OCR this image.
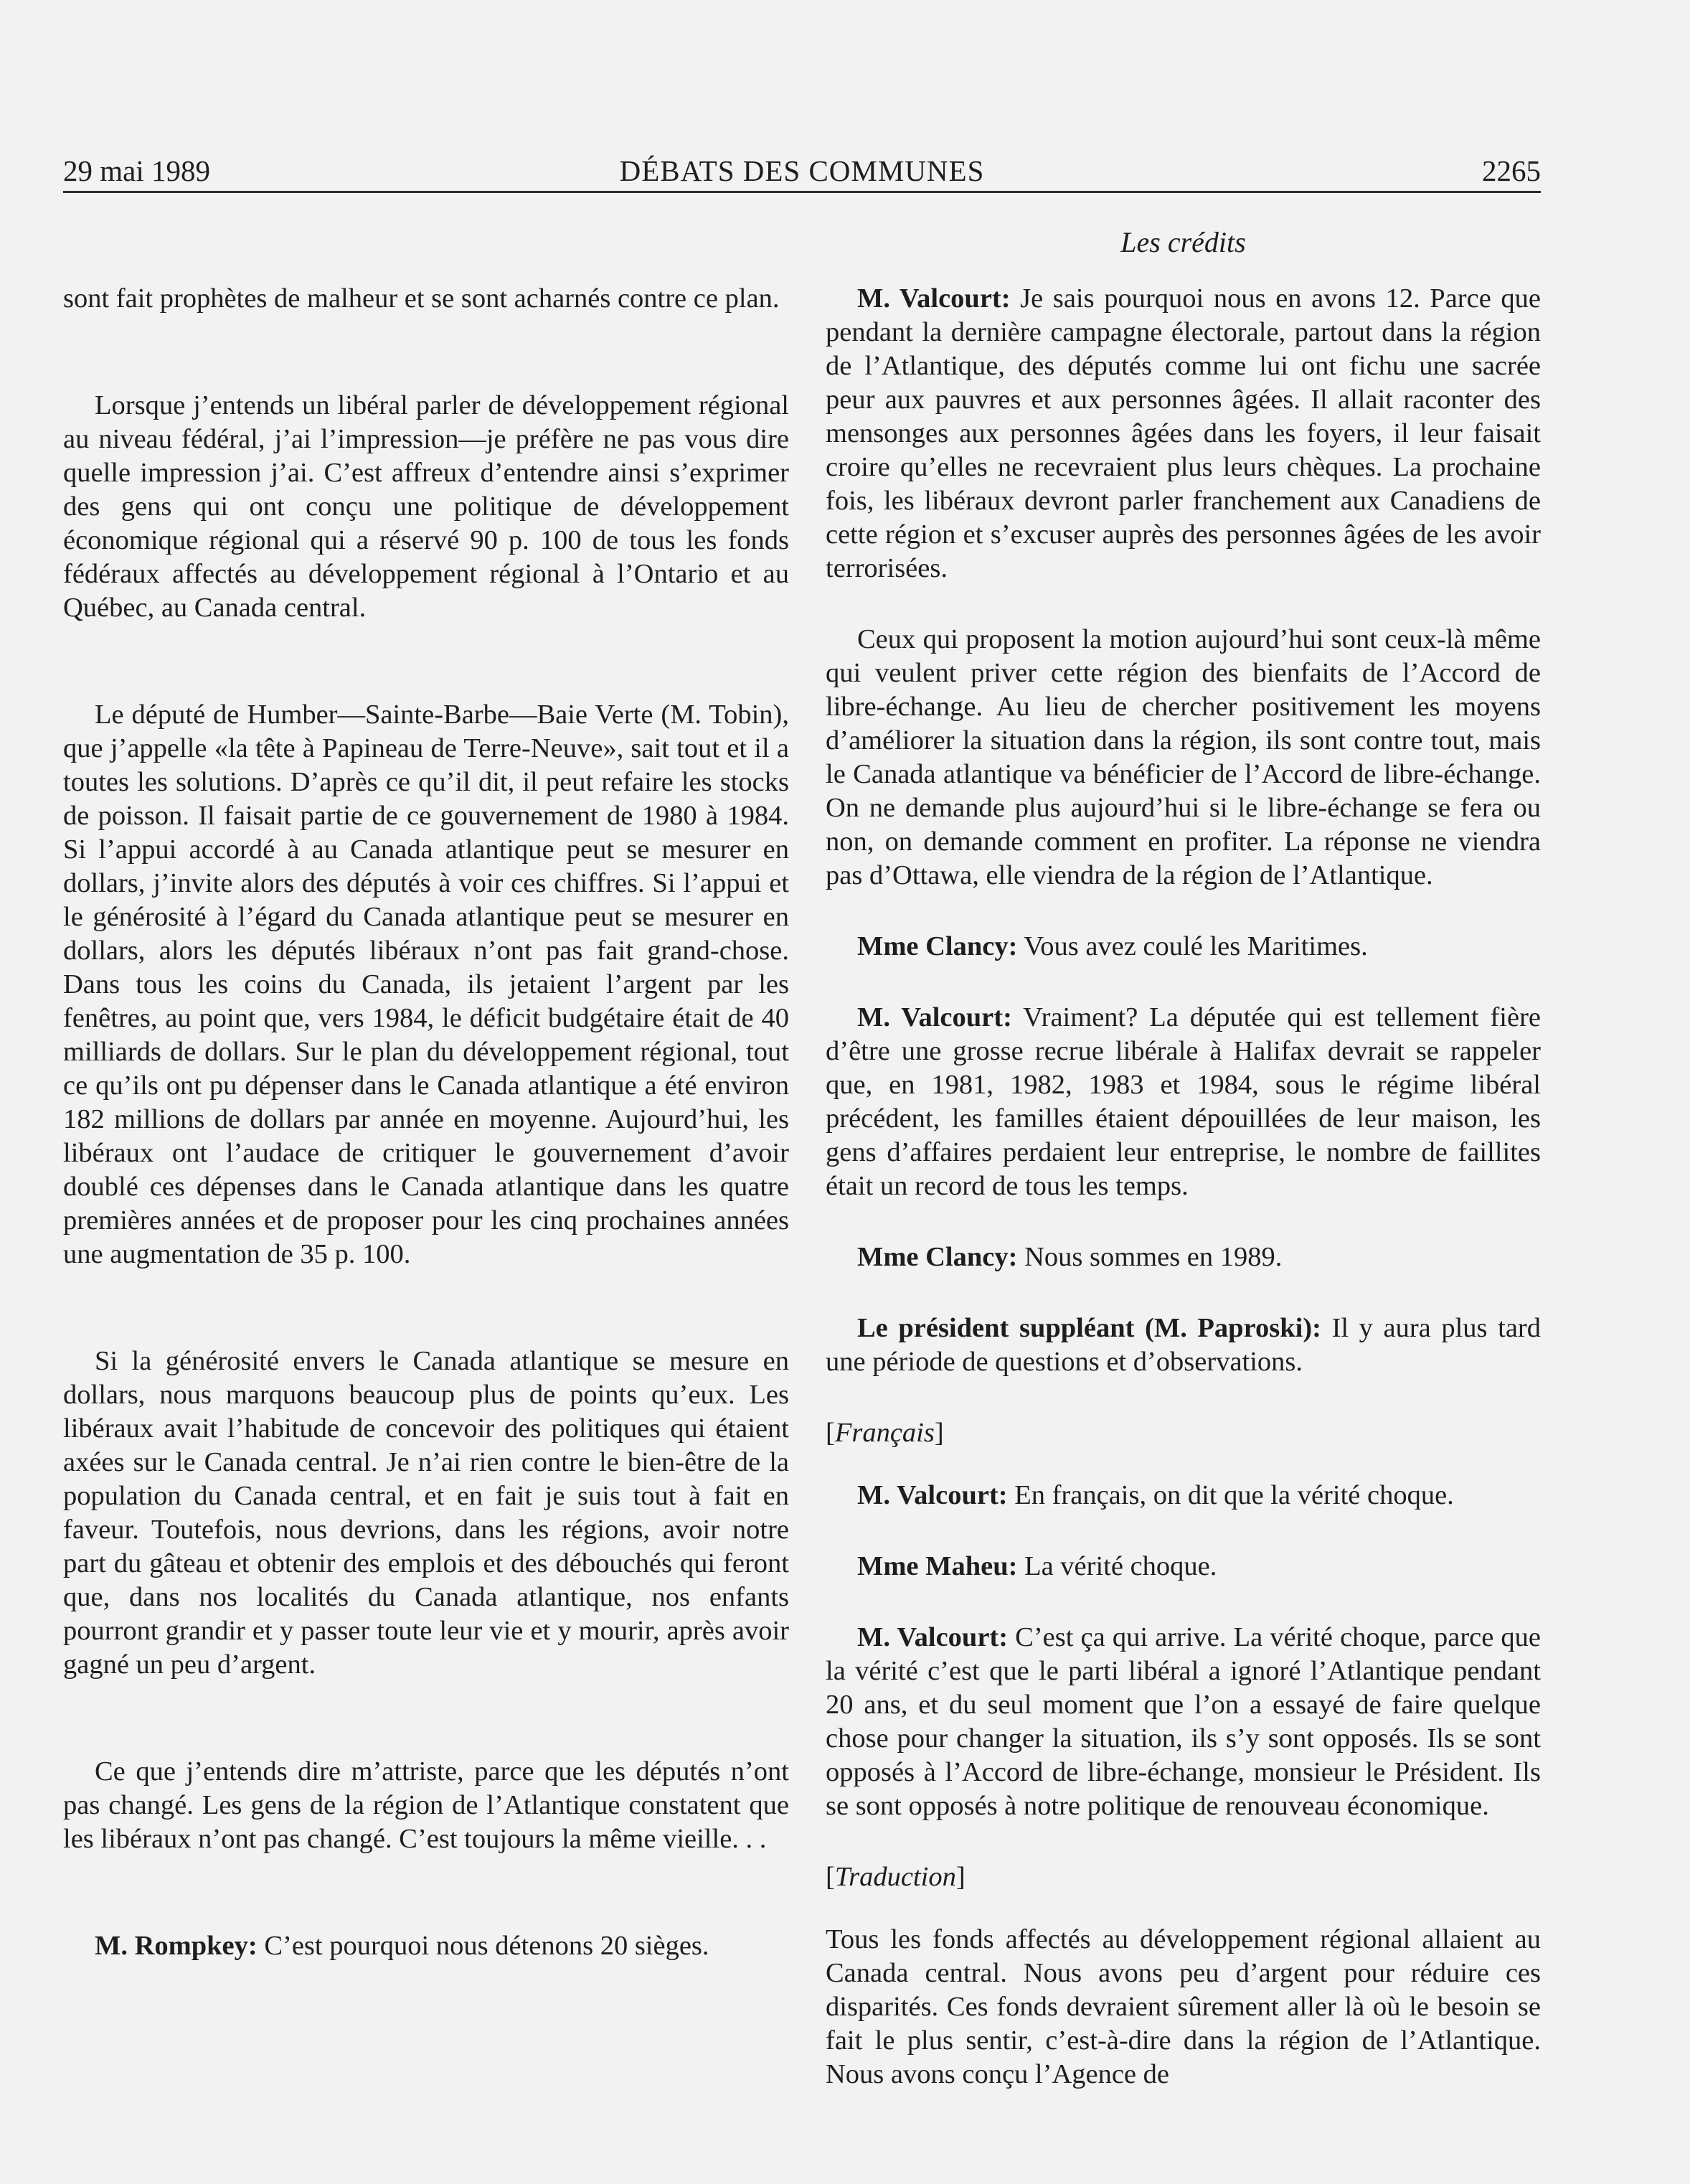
29 mai 1989	DÉBATS DES COMMUNES	2265
Les crédits

sont fait prophètes de malheur et se sont acharnés contre ce plan.

Lorsque j’entends un libéral parler de développement régional au niveau fédéral, j’ai l’impression—je préfère ne pas vous dire quelle impression j’ai. C’est affreux d’entendre ainsi s’exprimer des gens qui ont conçu une politique de développement économique régional qui a réservé 90 p. 100 de tous les fonds fédéraux affectés au développement régional à l’Ontario et au Québec, au Canada central.

Le député de Humber—Sainte-Barbe—Baie Verte (M. Tobin), que j’appelle «la tête à Papineau de Terre-Neuve», sait tout et il a toutes les solutions. D’après ce qu’il dit, il peut refaire les stocks de poisson. Il faisait partie de ce gouvernement de 1980 à 1984. Si l’appui accordé à au Canada atlantique peut se mesurer en dollars, j’invite alors des députés à voir ces chiffres. Si l’appui et le générosité à l’égard du Canada atlantique peut se mesurer en dollars, alors les députés libéraux n’ont pas fait grand-chose. Dans tous les coins du Canada, ils jetaient l’argent par les fenêtres, au point que, vers 1984, le déficit budgétaire était de 40 milliards de dollars. Sur le plan du développement régional, tout ce qu’ils ont pu dépenser dans le Canada atlantique a été environ 182 millions de dollars par année en moyenne. Aujourd’hui, les libéraux ont l’audace de critiquer le gouvernement d’avoir doublé ces dépenses dans le Canada atlantique dans les quatre premières années et de proposer pour les cinq prochaines années une augmentation de 35 p. 100.

Si la générosité envers le Canada atlantique se mesure en dollars, nous marquons beaucoup plus de points qu’eux. Les libéraux avait l’habitude de concevoir des politiques qui étaient axées sur le Canada central. Je n’ai rien contre le bien-être de la population du Canada central, et en fait je suis tout à fait en faveur. Toutefois, nous devrions, dans les régions, avoir notre part du gâteau et obtenir des emplois et des débouchés qui feront que, dans nos localités du Canada atlantique, nos enfants pourront grandir et y passer toute leur vie et y mourir, après avoir gagné un peu d’argent.

Ce que j’entends dire m’attriste, parce que les députés n’ont pas changé. Les gens de la région de l’Atlantique constatent que les libéraux n’ont pas changé. C’est toujours la même vieille. . .

M. Rompkey: C’est pourquoi nous détenons 20 sièges.

M. Valcourt: Je sais pourquoi nous en avons 12. Parce que pendant la dernière campagne électorale, partout dans la région de l’Atlantique, des députés comme lui ont fichu une sacrée peur aux pauvres et aux personnes âgées. Il allait raconter des mensonges aux personnes âgées dans les foyers, il leur faisait croire qu’elles ne recevraient plus leurs chèques. La prochaine fois, les libéraux devront parler franchement aux Canadiens de cette région et s’excuser auprès des personnes âgées de les avoir terrorisées.

Ceux qui proposent la motion aujourd’hui sont ceux-là même qui veulent priver cette région des bienfaits de l’Accord de libre-échange. Au lieu de chercher positivement les moyens d’améliorer la situation dans la région, ils sont contre tout, mais le Canada atlantique va bénéficier de l’Accord de libre-échange. On ne demande plus aujourd’hui si le libre-échange se fera ou non, on demande comment en profiter. La réponse ne viendra pas d’Ottawa, elle viendra de la région de l’Atlantique.

Mme Clancy: Vous avez coulé les Maritimes.

M. Valcourt: Vraiment? La députée qui est tellement fière d’être une grosse recrue libérale à Halifax devrait se rappeler que, en 1981, 1982, 1983 et 1984, sous le régime libéral précédent, les familles étaient dépouillées de leur maison, les gens d’affaires perdaient leur entreprise, le nombre de faillites était un record de tous les temps.

Mme Clancy: Nous sommes en 1989.

Le président suppléant (M. Paproski): Il y aura plus tard une période de questions et d’observations.

[Français]

M. Valcourt: En français, on dit que la vérité choque.

Mme Maheu: La vérité choque.

M. Valcourt: C’est ça qui arrive. La vérité choque, parce que la vérité c’est que le parti libéral a ignoré l’Atlantique pendant 20 ans, et du seul moment que l’on a essayé de faire quelque chose pour changer la situation, ils s’y sont opposés. Ils se sont opposés à l’Accord de libre-échange, monsieur le Président. Ils se sont opposés à notre politique de renouveau économique.

[Traduction]

Tous les fonds affectés au développement régional allaient au Canada central. Nous avons peu d’argent pour réduire ces disparités. Ces fonds devraient sûrement aller là où le besoin se fait le plus sentir, c’est-à-dire dans la région de l’Atlantique. Nous avons conçu l’Agence de
